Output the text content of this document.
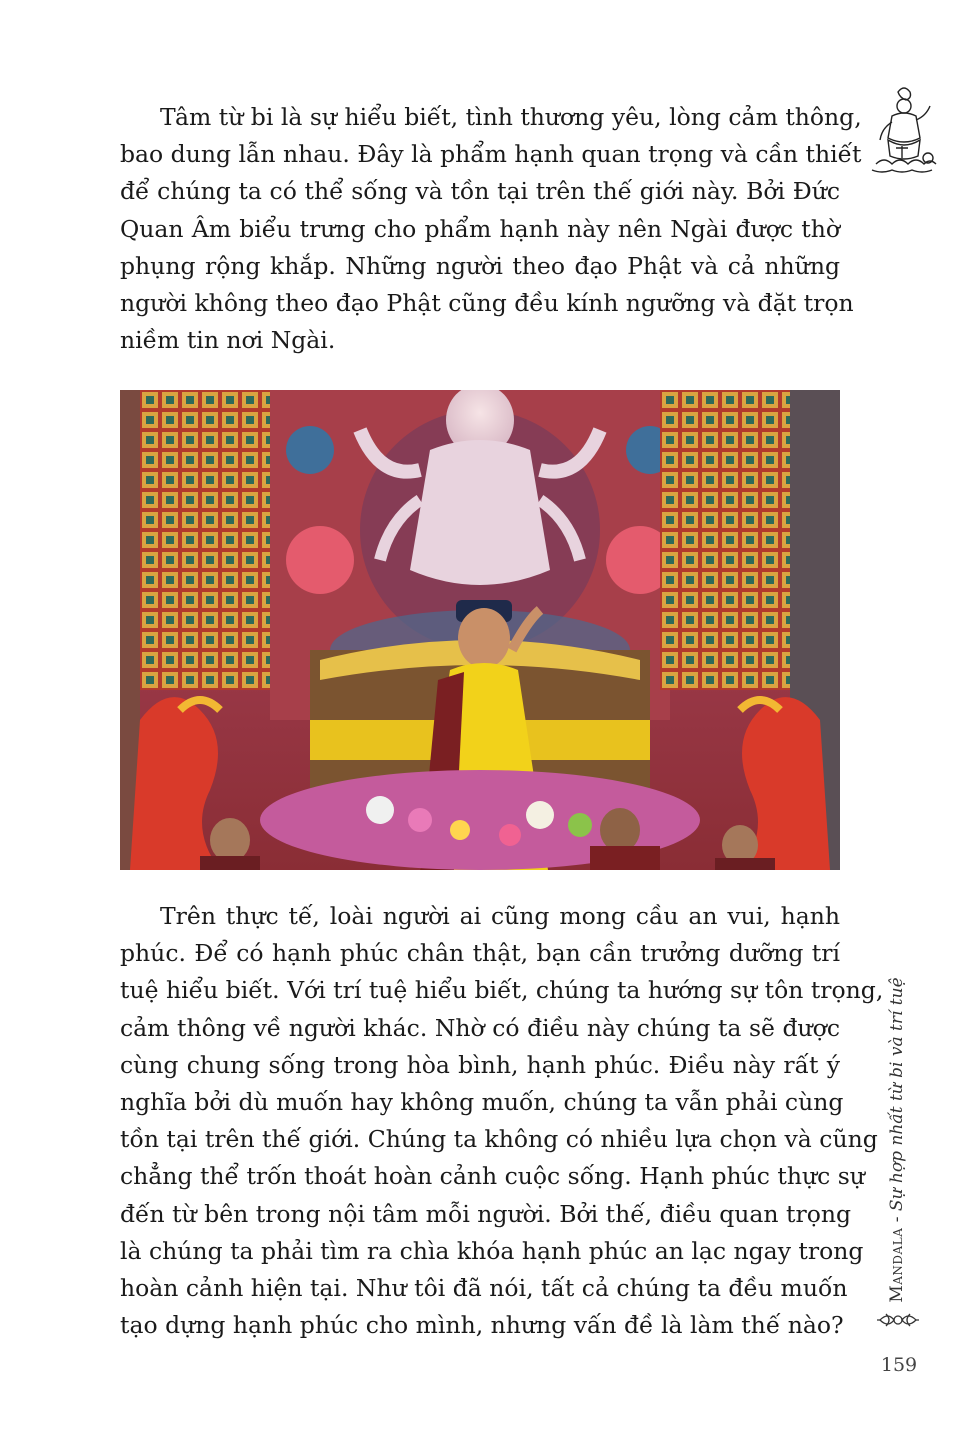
Tâm từ bi là sự hiểu biết, tình thương yêu, lòng cảm thông,
bao dung lẫn nhau. Đây là phẩm hạnh quan trọng và cần thiết
để chúng ta có thể sống và tồn tại trên thế giới này. Bởi Đức
Quan Âm biểu trưng cho phẩm hạnh này nên Ngài được thờ
phụng rộng khắp. Những người theo đạo Phật và cả những
người không theo đạo Phật cũng đều kính ngưỡng và đặt trọn
niềm tin nơi Ngài.

Trên thực tế, loài người ai cũng mong cầu an vui, hạnh
phúc. Để có hạnh phúc chân thật, bạn cần trưởng dưỡng trí
tuệ hiểu biết. Với trí tuệ hiểu biết, chúng ta hướng sự tôn trọng,
cảm thông về người khác. Nhờ có điều này chúng ta sẽ được
cùng chung sống trong hòa bình, hạnh phúc. Điều này rất ý
nghĩa bởi dù muốn hay không muốn, chúng ta vẫn phải cùng
tồn tại trên thế giới. Chúng ta không có nhiều lựa chọn và cũng
chẳng thể trốn thoát hoàn cảnh cuộc sống. Hạnh phúc thực sự
đến từ bên trong nội tâm mỗi người. Bởi thế, điều quan trọng
là chúng ta phải tìm ra chìa khóa hạnh phúc an lạc ngay trong
hoàn cảnh hiện tại. Như tôi đã nói, tất cả chúng ta đều muốn
tạo dựng hạnh phúc cho mình, nhưng vấn đề là làm thế nào?

Mandala - Sự hợp nhất từ bi và trí tuệ
159
